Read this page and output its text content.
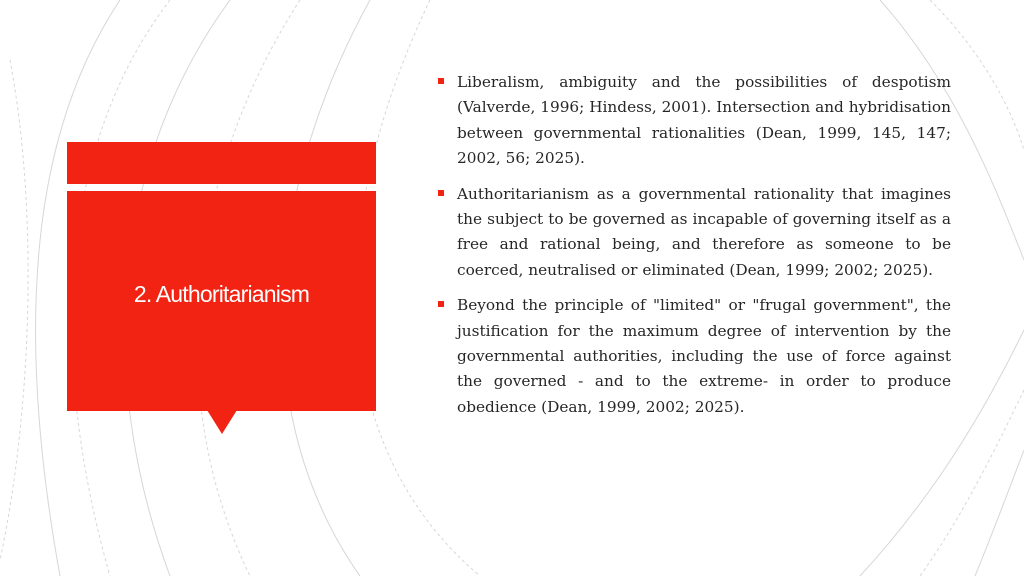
2. Authoritarianism
Liberalism, ambiguity and the possibilities of despotism (Valverde, 1996; Hindess, 2001). Intersection and hybridisation between governmental rationalities (Dean, 1999, 145, 147; 2002, 56; 2025).
Authoritarianism as a governmental rationality that imagines the subject to be governed as incapable of governing itself as a free and rational being, and therefore as someone to be coerced, neutralised or eliminated (Dean, 1999; 2002; 2025).
Beyond the principle of "limited" or "frugal government", the justification for the maximum degree of intervention by the governmental authorities, including the use of force against the governed - and to the extreme- in order to produce obedience (Dean, 1999, 2002; 2025).
